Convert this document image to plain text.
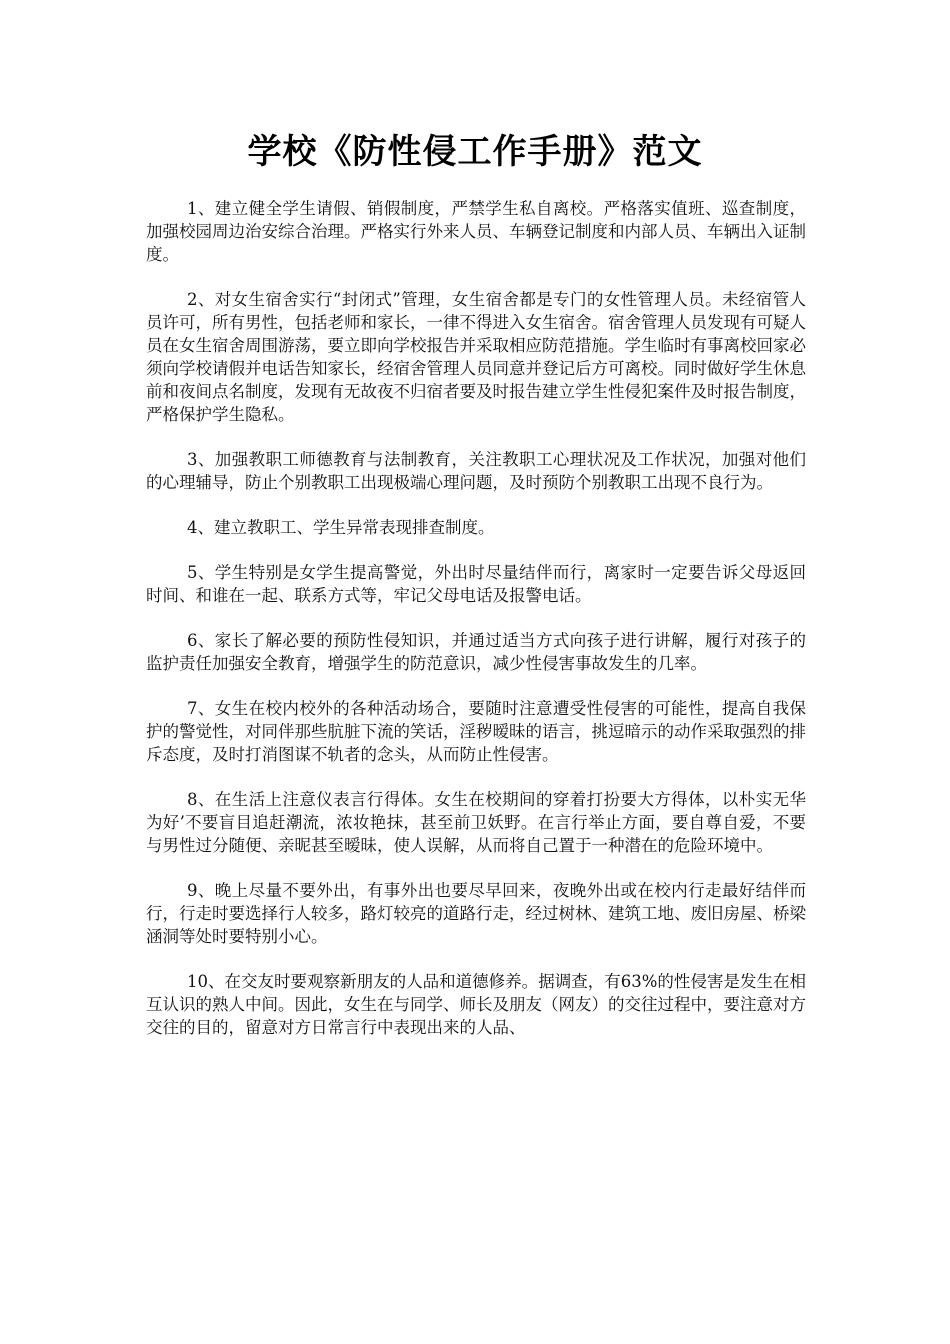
学校《防性侵工作手册》范文

1、建立健全学生请假、销假制度，严禁学生私自离校。严格落实值班、巡查制度，加强校园周边治安综合治理。严格实行外来人员、车辆登记制度和内部人员、车辆出入证制度。

2、对女生宿舍实行“封闭式”管理，女生宿舍都是专门的女性管理人员。未经宿管人员许可，所有男性，包括老师和家长，一律不得进入女生宿舍。宿舍管理人员发现有可疑人员在女生宿舍周围游荡，要立即向学校报告并采取相应防范措施。学生临时有事离校回家必须向学校请假并电话告知家长，经宿舍管理人员同意并登记后方可离校。同时做好学生休息前和夜间点名制度，发现有无故夜不归宿者要及时报告建立学生性侵犯案件及时报告制度，严格保护学生隐私。

3、加强教职工师德教育与法制教育，关注教职工心理状况及工作状况，加强对他们的心理辅导，防止个别教职工出现极端心理问题，及时预防个别教职工出现不良行为。

4、建立教职工、学生异常表现排查制度。

5、学生特别是女学生提高警觉，外出时尽量结伴而行，离家时一定要告诉父母返回时间、和谁在一起、联系方式等，牢记父母电话及报警电话。

6、家长了解必要的预防性侵知识，并通过适当方式向孩子进行讲解，履行对孩子的监护责任加强安全教育，增强学生的防范意识，减少性侵害事故发生的几率。

7、女生在校内校外的各种活动场合，要随时注意遭受性侵害的可能性，提高自我保护的警觉性，对同伴那些肮脏下流的笑话，淫秽暧昧的语言，挑逗暗示的动作采取强烈的排斥态度，及时打消图谋不轨者的念头，从而防止性侵害。

8、在生活上注意仪表言行得体。女生在校期间的穿着打扮要大方得体，以朴实无华为好’不要盲目追赶潮流，浓妆艳抹，甚至前卫妖野。在言行举止方面，要自尊自爱，不要与男性过分随便、亲昵甚至暧昧，使人误解，从而将自己置于一种潜在的危险环境中。

9、晚上尽量不要外出，有事外出也要尽早回来，夜晚外出或在校内行走最好结伴而行，行走时要选择行人较多，路灯较亮的道路行走，经过树林、建筑工地、废旧房屋、桥梁涵洞等处时要特别小心。

10、在交友时要观察新朋友的人品和道德修养。据调查，有63%的性侵害是发生在相互认识的熟人中间。因此，女生在与同学、师长及朋友（网友）的交往过程中，要注意对方交往的目的，留意对方日常言行中表现出来的人品、
